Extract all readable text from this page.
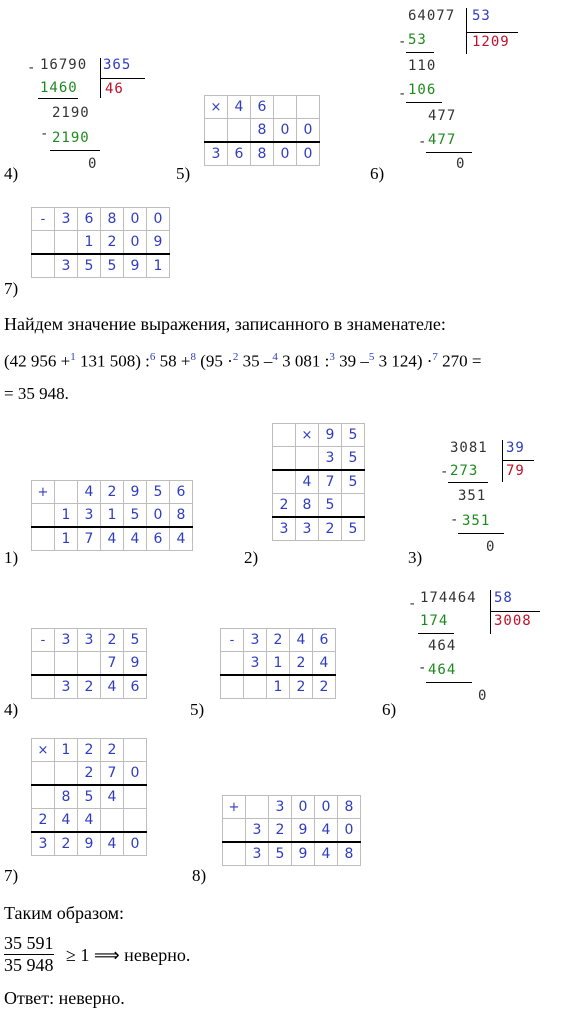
- 16790 365
1460 46
-
2190
2190
0
4)	5)
×	4	6		
		8	0	0
3	6	8	0	0
64077 53
- 53	1209
110
- 106
477
- 477
0
6)
-	3	6	8	0	0
		1	2	0	9
	3	5	5	9	1
7)
Найдем значение выражения, записанного в знаменателе:
(42 956 +$^1$ 131 508) :$^6$ 58 +$^8$ (95 ·$^2$ 35 –$^4$ 3 081 :$^3$ 39 –$^5$ 3 124) ·$^7$ 270 =
= 35 948.
+		4	2	9	5	6
	1	3	1	5	0	8
	1	7	4	4	6	4
1)
	×	9	5
		3	5
	4	7	5
2	8	5	
3	3	2	5
2)
3081 39
- 273 79
351
- 351
0
3)
-	3	3	2	5
			7	9
	3	2	4	6
4)
-	3	2	4	6
	3	1	2	4
		1	2	2
5)
- 174464 58
174	3008
464
- 464
0
6)
×	1	2	2	
		2	7	0
	8	5	4	
2	4	4		
3	2	9	4	0
7)
+		3	0	0	8
	3	2	9	4	0
	3	5	9	4	8
8)
Таким образом:
$\frac{35 591}{35 948} \ge 1$ ⟹ неверно.
Ответ: неверно.
